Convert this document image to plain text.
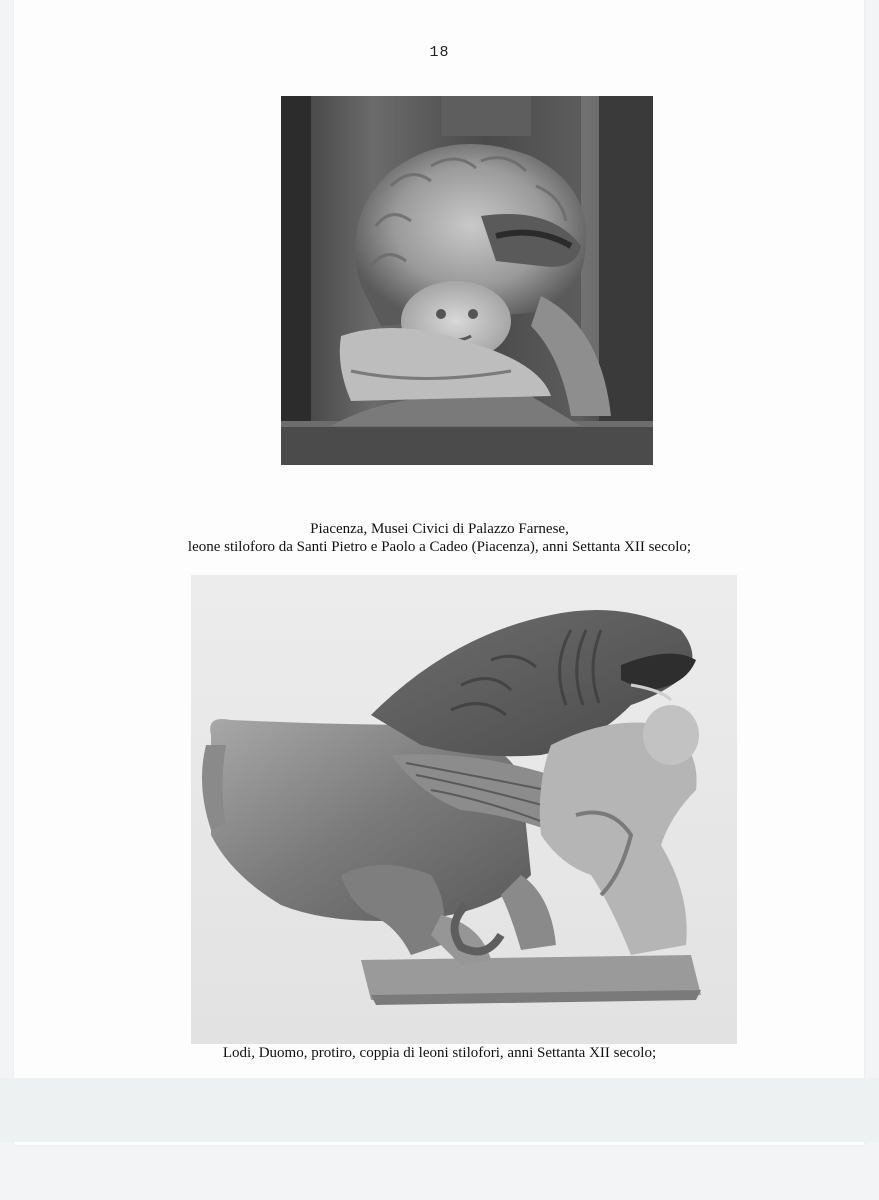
18
Piacenza, Musei Civici di Palazzo Farnese,
leone stiloforo da Santi Pietro e Paolo a Cadeo (Piacenza), anni Settanta XII secolo;
Lodi, Duomo, protiro, coppia di leoni stilofori, anni Settanta XII secolo;
